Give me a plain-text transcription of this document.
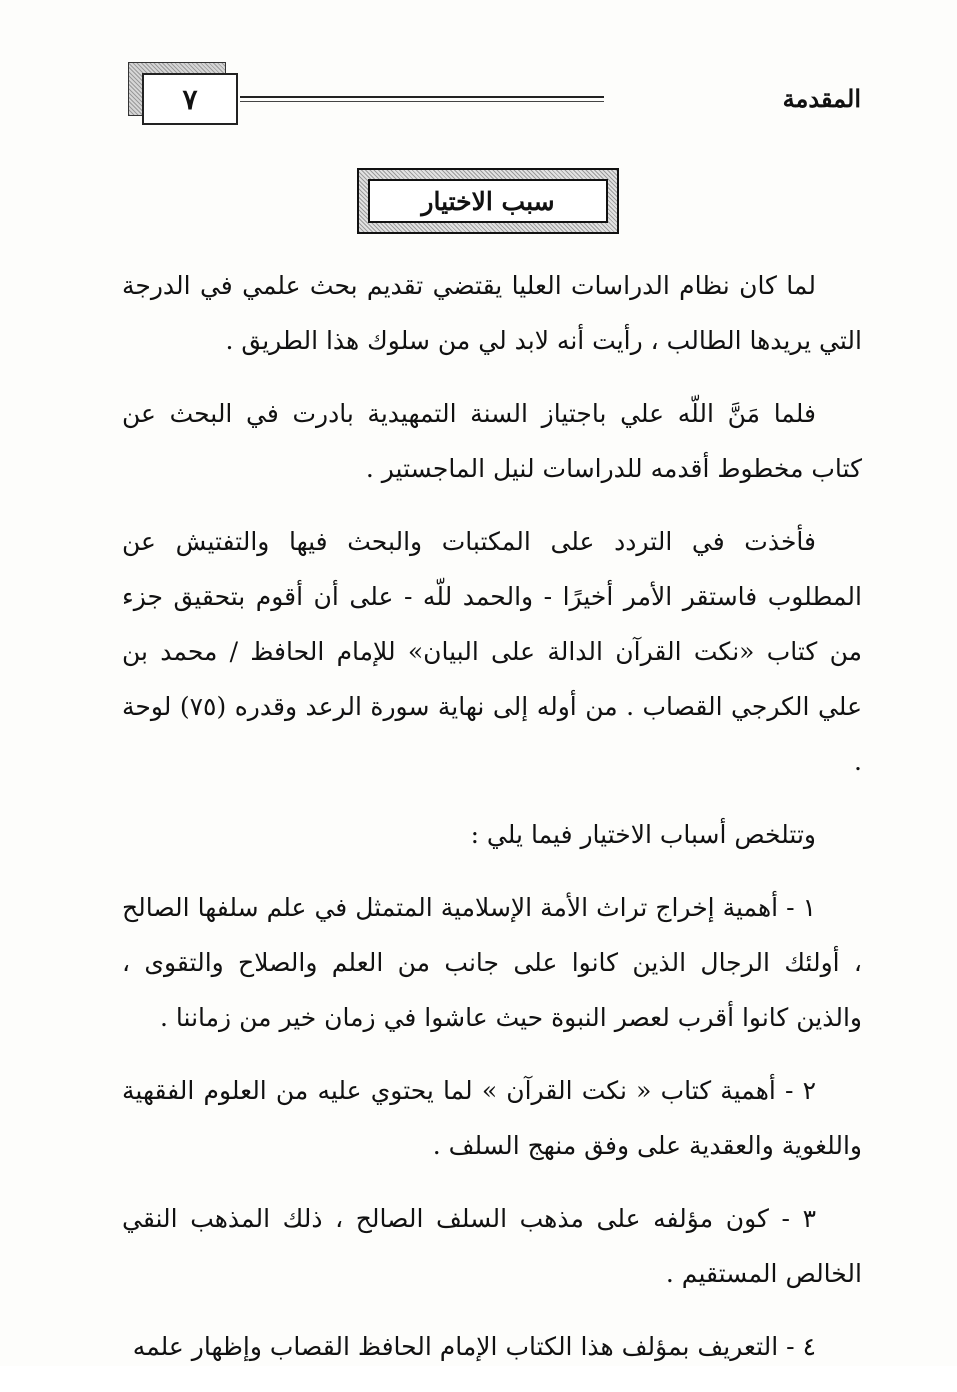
المقدمة
٧
سبب الاختيار

لما كان نظام الدراسات العليا يقتضي تقديم بحث علمي في الدرجة التي يريدها الطالب ، رأيت أنه لابد لي من سلوك هذا الطريق .

فلما مَنَّ اللّه علي باجتياز السنة التمهيدية بادرت في البحث عن كتاب مخطوط أقدمه للدراسات لنيل الماجستير .

فأخذت في التردد على المكتبات والبحث فيها والتفتيش عن المطلوب فاستقر الأمر أخيرًا - والحمد للّه - على أن أقوم بتحقيق جزء من كتاب «نكت القرآن الدالة على البيان» للإمام الحافظ / محمد بن علي الكرجي القصاب . من أوله إلى نهاية سورة الرعد وقدره (٧٥) لوحة .

وتتلخص أسباب الاختيار فيما يلي :

١ - أهمية إخراج تراث الأمة الإسلامية المتمثل في علم سلفها الصالح ، أولئك الرجال الذين كانوا على جانب من العلم والصلاح والتقوى ، والذين كانوا أقرب لعصر النبوة حيث عاشوا في زمان خير من زماننا .

٢ - أهمية كتاب « نكت القرآن » لما يحتوي عليه من العلوم الفقهية واللغوية والعقدية على وفق منهج السلف .

٣ - كون مؤلفه على مذهب السلف الصالح ، ذلك المذهب النقي الخالص المستقيم .

٤ - التعريف بمؤلف هذا الكتاب الإمام الحافظ القصاب وإظهار علمه
